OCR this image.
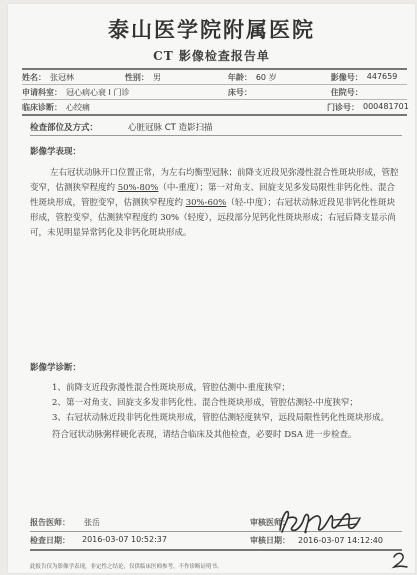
泰山医学院附属医院
CT 影像检查报告单
姓名： 张冠林	性别： 男	年龄： 60 岁	影像号： 447659
申请科室： 冠心病心衰 I 门诊	床号：	住院号：
临床诊断： 心绞痛	门诊号： 000481701
检查部位及方式：	心脏冠脉 CT 造影扫描
影像学表现：
左右冠状动脉开口位置正常，为左右均衡型冠脉；前降支近段见弥漫性混合性斑块形成，管腔变窄，估测狭窄程度约 50%-80%（中-重度）；第一对角支、回旋支见多发局限性非钙化性、混合性斑块形成，管腔变窄，估测狭窄程度约 30%-60%（轻-中度）；右冠状动脉近段见非钙化性斑块形成，管腔变窄，估测狭窄程度约 30%（轻度），远段部分见钙化性斑块形成；右冠后降支显示尚可，未见明显异常钙化及非钙化斑块形成。
影像学诊断：
1、 前降支近段弥漫性混合性斑块形成，管腔估测中-重度狭窄；
2、 第一对角支、回旋支多发非钙化性、混合性斑块形成，管腔估测轻-中度狭窄；
3、 右冠状动脉近段非钙化性斑块形成，管腔估测轻度狭窄，远段局限性钙化性斑块形成。
符合冠状动脉粥样硬化表现，请结合临床及其他检查，必要时 DSA 进一步检查。
报告医师： 张岳	审核医师：
检查日期： 2016-03-07 10:52:37	审核日期： 2016-03-07 14:12:40
此报告仅为影像学表现，非定性之结论，仅供临床医师参考，不作诊断证明书。
